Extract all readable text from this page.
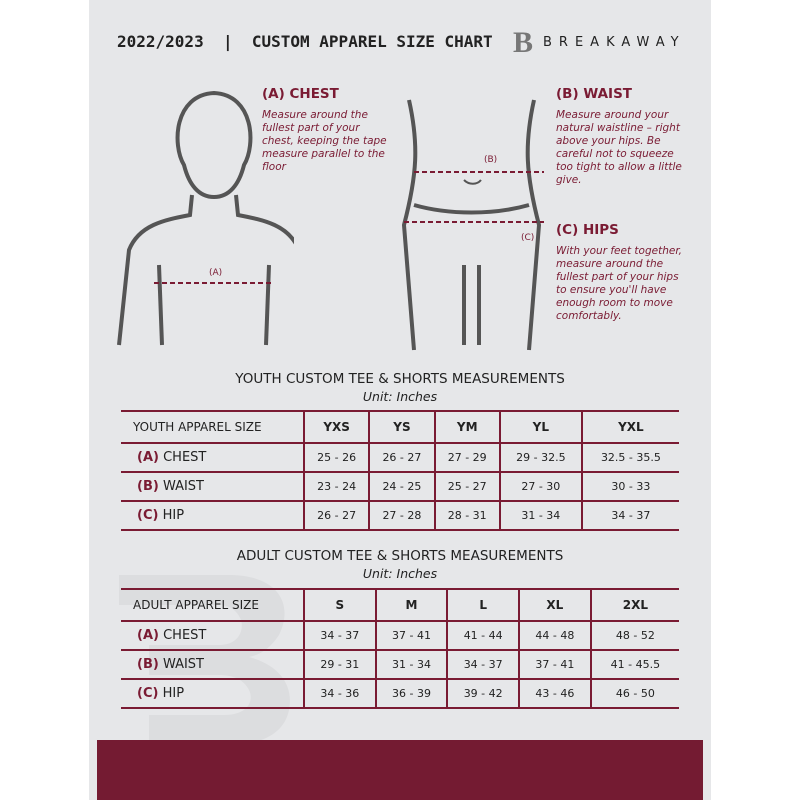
2022/2023  |  CUSTOM APPAREL SIZE CHART B BREAKAWAY
(A)
(A) CHEST

Measure around the fullest part of your chest, keeping the tape measure parallel to the floor

(B)
(C)
(B) WAIST

Measure around your natural waistline – right above your hips. Be careful not to squeeze too tight to allow a little give.

(C) HIPS

With your feet together, measure around the fullest part of your hips to ensure you'll have enough room to move comfortably.

YOUTH CUSTOM TEE & SHORTS MEASUREMENTS
Unit: Inches
YOUTH APPAREL SIZE	YXS	YS	YM	YL	YXL
(A) CHEST	25 - 26	26 - 27	27 - 29	29 - 32.5	32.5 - 35.5
(B) WAIST	23 - 24	24 - 25	25 - 27	27 - 30	30 - 33
(C) HIP	26 - 27	27 - 28	28 - 31	31 - 34	34 - 37
ADULT CUSTOM TEE & SHORTS MEASUREMENTS
Unit: Inches
ADULT APPAREL SIZE	S	M	L	XL	2XL
(A) CHEST	34 - 37	37 - 41	41 - 44	44 - 48	48 - 52
(B) WAIST	29 - 31	31 - 34	34 - 37	37 - 41	41 - 45.5
(C) HIP	34 - 36	36 - 39	39 - 42	43 - 46	46 - 50
